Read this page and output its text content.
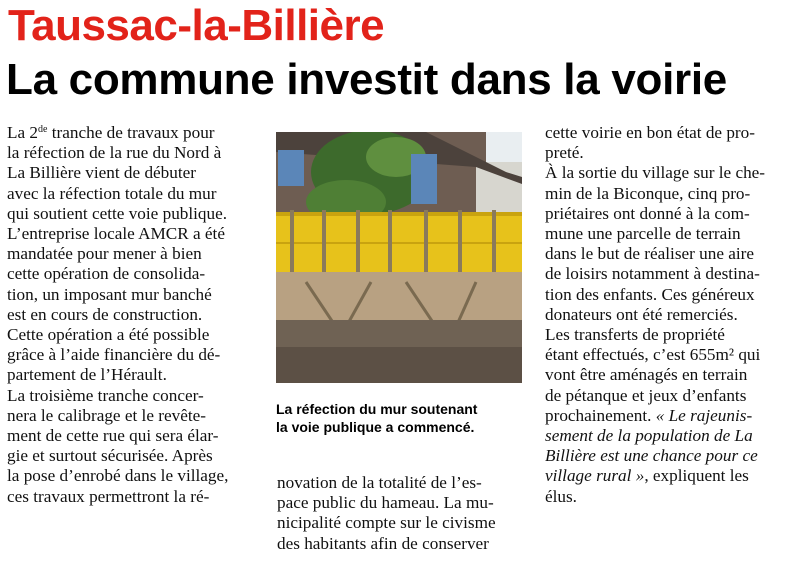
Taussac-la-Billière
La commune investit dans la voirie

La 2de tranche de travaux pour

la réfection de la rue du Nord à

La Billière vient de débuter

avec la réfection totale du mur

qui soutient cette voie publique.

L’entreprise locale AMCR a été

mandatée pour mener à bien

cette opération de consolida-

tion, un imposant mur banché

est en cours de construction.

Cette opération a été possible

grâce à l’aide financière du dé-

partement de l’Hérault.

La troisième tranche concer-

nera le calibrage et le revête-

ment de cette rue qui sera élar-

gie et surtout sécurisée. Après

la pose d’enrobé dans le village,

ces travaux permettront la ré-

La réfection du mur soutenant

la voie publique a commencé.

novation de la totalité de l’es-

pace public du hameau. La mu-

nicipalité compte sur le civisme

des habitants afin de conserver

cette voirie en bon état de pro-

preté.

À la sortie du village sur le che-

min de la Biconque, cinq pro-

priétaires ont donné à la com-

mune une parcelle de terrain

dans le but de réaliser une aire

de loisirs notamment à destina-

tion des enfants. Ces généreux

donateurs ont été remerciés.

Les transferts de propriété

étant effectués, c’est 655m² qui

vont être aménagés en terrain

de pétanque et jeux d’enfants

prochainement. « Le rajeunis-

sement de la population de La

Billière est une chance pour ce

village rural », expliquent les

élus.
